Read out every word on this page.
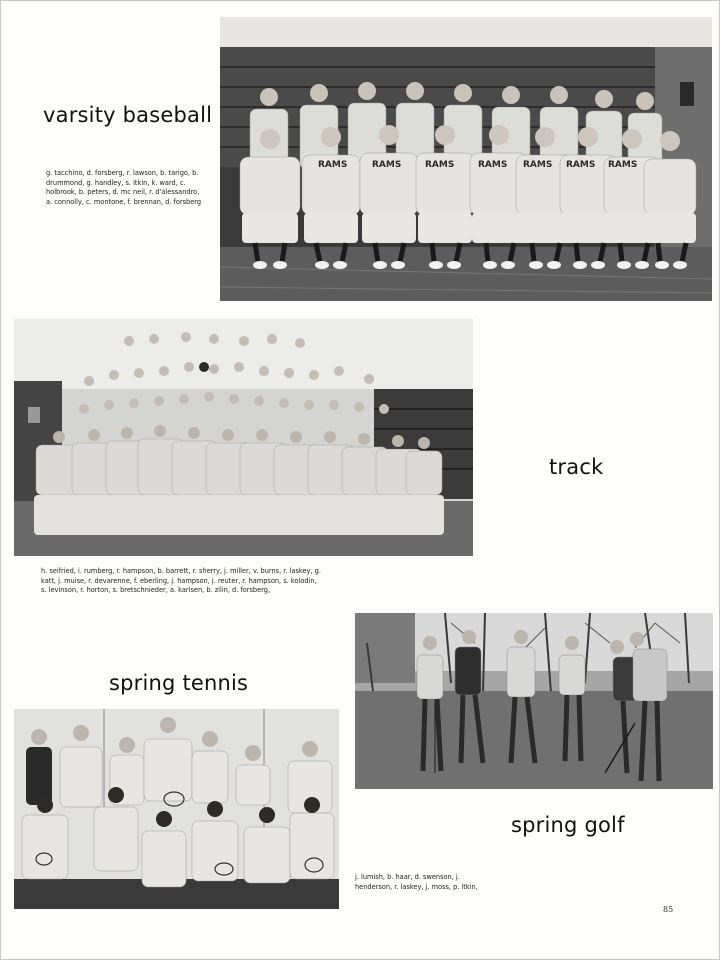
RAMS	RAMS	RAMS	RAMS RAMS RAMS RAMS
varsity baseball
g. tacchino, d. forsberg, r. lawson, b. tarigo, b. drummond, g. handley, s. itkin, k. ward, c. holbrook, b. peters, d. mc neil, r. d'alessandro, a. connolly, c. montone, f. brennan, d. forsberg
track
h. seifried, i. rumberg, r. hampson, b. barrett, r. sherry, j. miller, v. burns, r. laskey, g. katt, j. muise, r. devarenne, f. eberling, j. hampson, j. reuter, r. hampson, s. kolodin, s. levinson, r. horton, s. bretschnieder, a. karlsen, b. zilin, d. forsberg,
spring golf
j. lumish, b. haar, d. swenson, j. henderson, r. laskey, j. moss, p. itkin,
spring tennis
85
